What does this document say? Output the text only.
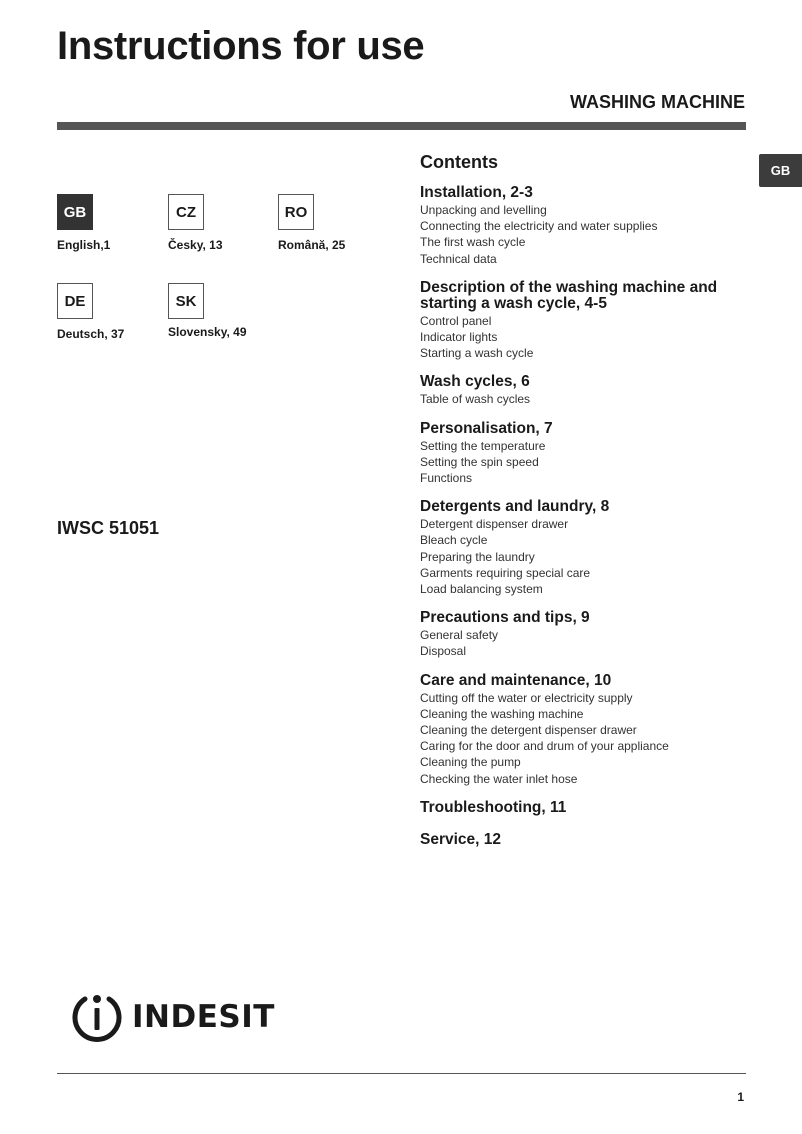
Instructions for use
WASHING MACHINE
GB
GB
English,1
CZ
Česky, 13
RO
Română, 25
DE
Deutsch, 37
SK
Slovensky, 49
IWSC 51051
Contents
Installation, 2-3
Unpacking and levelling
Connecting the electricity and water supplies
The first wash cycle
Technical data
Description of the washing machine and starting a wash cycle, 4-5
Control panel
Indicator lights
Starting a wash cycle
Wash cycles, 6
Table of wash cycles
Personalisation, 7
Setting the temperature
Setting the spin speed
Functions
Detergents and laundry, 8
Detergent dispenser drawer
Bleach cycle
Preparing the laundry
Garments requiring special care
Load balancing system
Precautions and tips, 9
General safety
Disposal
Care and maintenance, 10
Cutting off the water or electricity supply
Cleaning the washing machine
Cleaning the detergent dispenser drawer
Caring for the door and drum of your appliance
Cleaning the pump
Checking the water inlet hose
Troubleshooting, 11
Service, 12
INDESIT
1
